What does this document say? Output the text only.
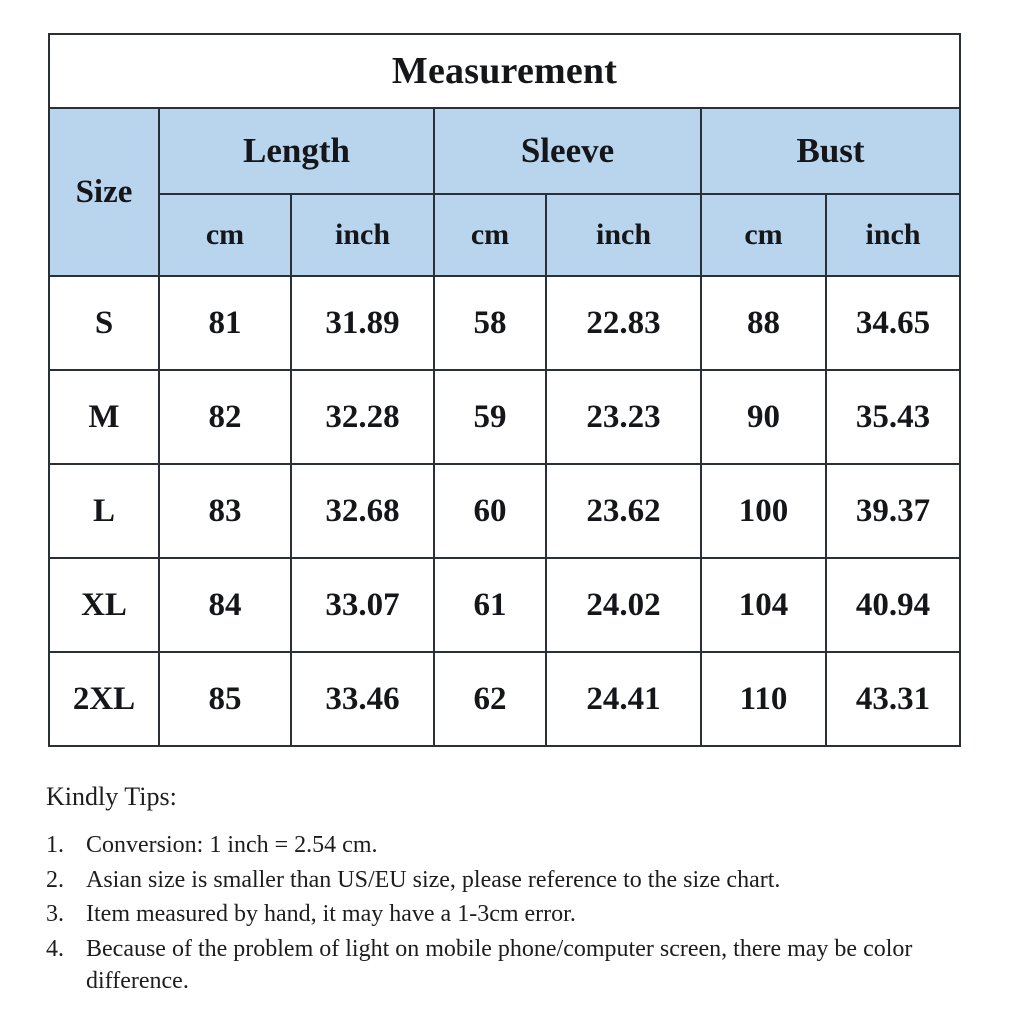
Measurement						
Size	Length		Sleeve		Bust	
	cm	inch	cm	inch	cm	inch
S	81	31.89	58	22.83	88	34.65
M	82	32.28	59	23.23	90	35.43
L	83	32.68	60	23.62	100	39.37
XL	84	33.07	61	24.02	104	40.94
2XL	85	33.46	62	24.41	110	43.31

Kindly Tips:

1. Conversion: 1 inch = 2.54 cm.
2. Asian size is smaller than US/EU size, please reference to the size chart.
3. Item measured by hand, it may have a 1-3cm error.
4. Because of the problem of light on mobile phone/computer screen, there may be color difference.
